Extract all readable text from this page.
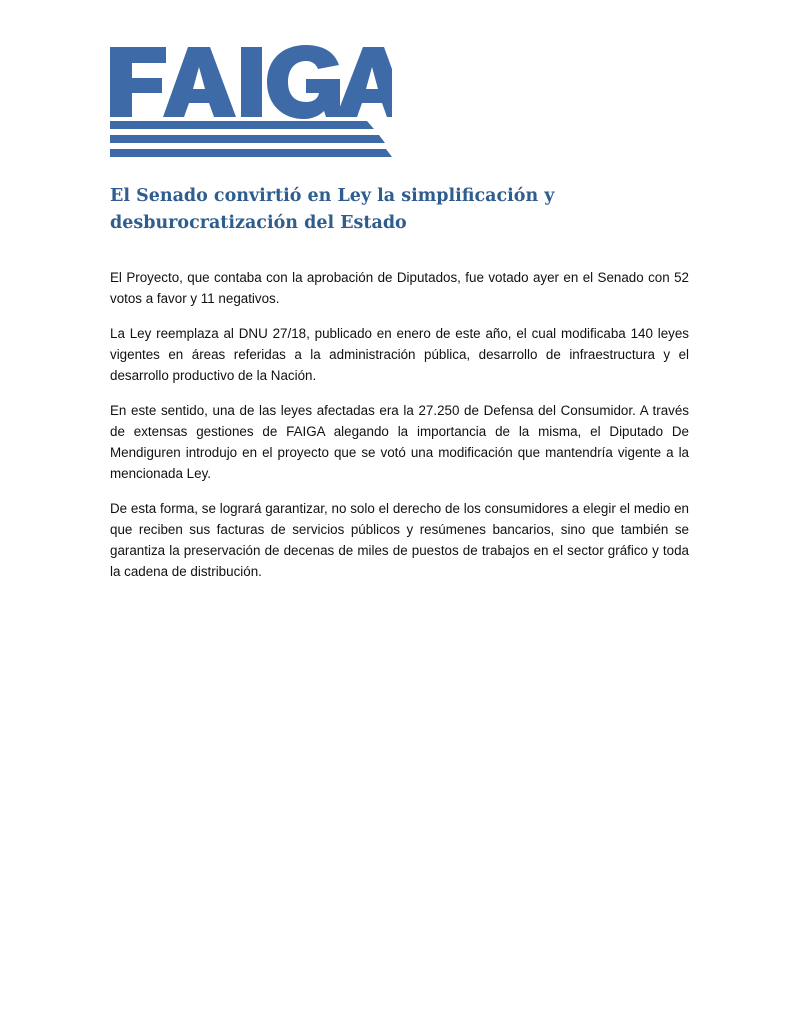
El Senado convirtió en Ley la simplificación y desburocratización del Estado

El Proyecto, que contaba con la aprobación de Diputados, fue votado ayer en el Senado con 52 votos a favor y 11 negativos.

La Ley reemplaza al DNU 27/18, publicado en enero de este año, el cual modificaba 140 leyes vigentes en áreas referidas a la administración pública, desarrollo de infraestructura y el desarrollo productivo de la Nación.

En este sentido, una de las leyes afectadas era la 27.250 de Defensa del Consumidor. A través de extensas gestiones de FAIGA alegando la importancia de la misma, el Diputado De Mendiguren introdujo en el proyecto que se votó una modificación que mantendría vigente a la mencionada Ley.

De esta forma, se logrará garantizar, no solo el derecho de los consumidores a elegir el medio en que reciben sus facturas de servicios públicos y resúmenes bancarios, sino que también se garantiza la preservación de decenas de miles de puestos de trabajos en el sector gráfico y toda la cadena de distribución.
